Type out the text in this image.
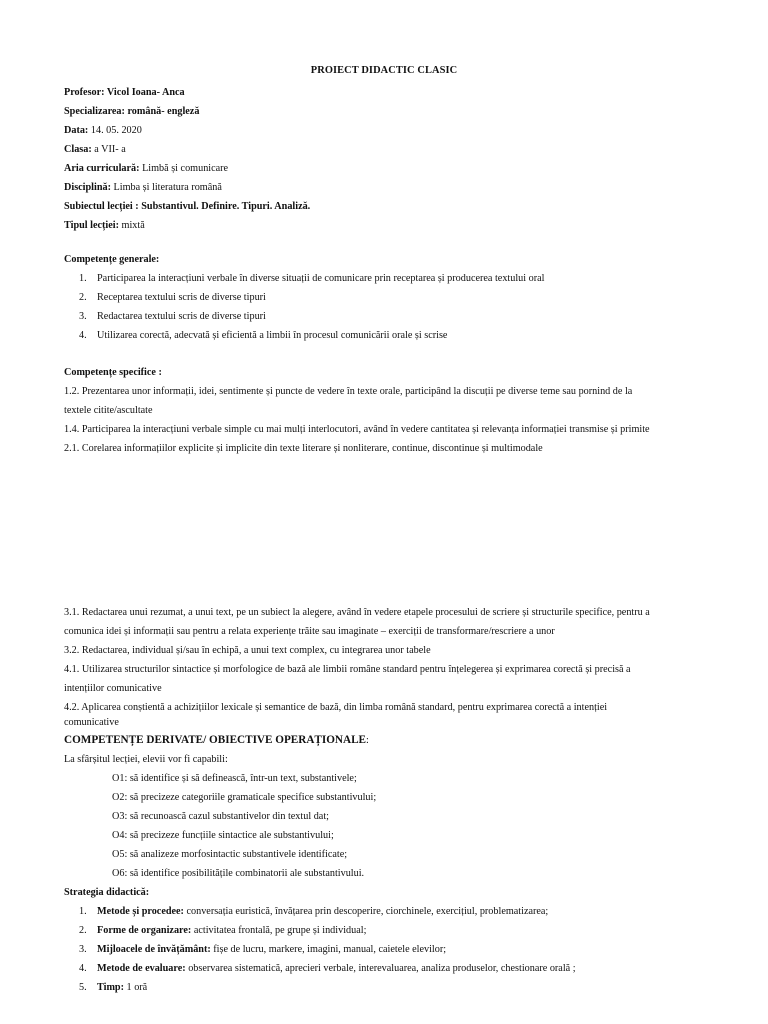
PROIECT DIDACTIC CLASIC
Profesor: Vicol Ioana- Anca
Specializarea: română- engleză
Data: 14. 05. 2020
Clasa: a VII- a
Aria curriculară: Limbă și comunicare
Disciplină: Limba și literatura română
Subiectul lecției : Substantivul. Definire. Tipuri. Analiză.
Tipul lecției: mixtă
Competențe generale:
1. Participarea la interacțiuni verbale în diverse situații de comunicare prin receptarea și producerea textului oral
2. Receptarea textului scris de diverse tipuri
3. Redactarea textului scris de diverse tipuri
4. Utilizarea corectă, adecvată și eficientă a limbii în procesul comunicării orale și scrise
Competențe specifice :
1.2. Prezentarea unor informații, idei, sentimente și puncte de vedere în texte orale, participând la discuții pe diverse teme sau pornind de la
textele citite/ascultate
1.4. Participarea la interacțiuni verbale simple cu mai mulți interlocutori, având în vedere cantitatea și relevanța informației transmise și primite
2.1. Corelarea informațiilor explicite și implicite din texte literare și nonliterare, continue, discontinue și multimodale
3.1. Redactarea unui rezumat, a unui text, pe un subiect la alegere, având în vedere etapele procesului de scriere și structurile specifice, pentru a
comunica idei și informații sau pentru a relata experiențe trăite sau imaginate – exerciții de transformare/rescriere a unor
3.2. Redactarea, individual și/sau în echipă, a unui text complex, cu integrarea unor tabele
4.1. Utilizarea structurilor sintactice și morfologice de bază ale limbii române standard pentru înțelegerea și exprimarea corectă și precisă a
intențiilor comunicative
4.2. Aplicarea conștientă a achizițiilor lexicale și semantice de bază, din limba română standard, pentru exprimarea corectă a intenției
comunicative
COMPETENȚE DERIVATE/ OBIECTIVE OPERAȚIONALE:
La sfârșitul lecției, elevii vor fi capabili:
O1: să identifice și să definească, într-un text, substantivele;
O2: să precizeze categoriile gramaticale specifice substantivului;
O3: să recunoască cazul substantivelor din textul dat;
O4: să precizeze funcțiile sintactice ale substantivului;
O5: să analizeze morfosintactic substantivele identificate;
O6: să identifice posibilitățile combinatorii ale substantivului.
Strategia didactică:
1. Metode și procedee: conversația euristică, învățarea prin descoperire, ciorchinele, exercițiul, problematizarea;
2. Forme de organizare: activitatea frontală, pe grupe și individual;
3. Mijloacele de învățământ: fișe de lucru, markere, imagini, manual, caietele elevilor;
4. Metode de evaluare: observarea sistematică, aprecieri verbale, interevaluarea, analiza produselor, chestionare orală ;
5. Timp: 1 oră
